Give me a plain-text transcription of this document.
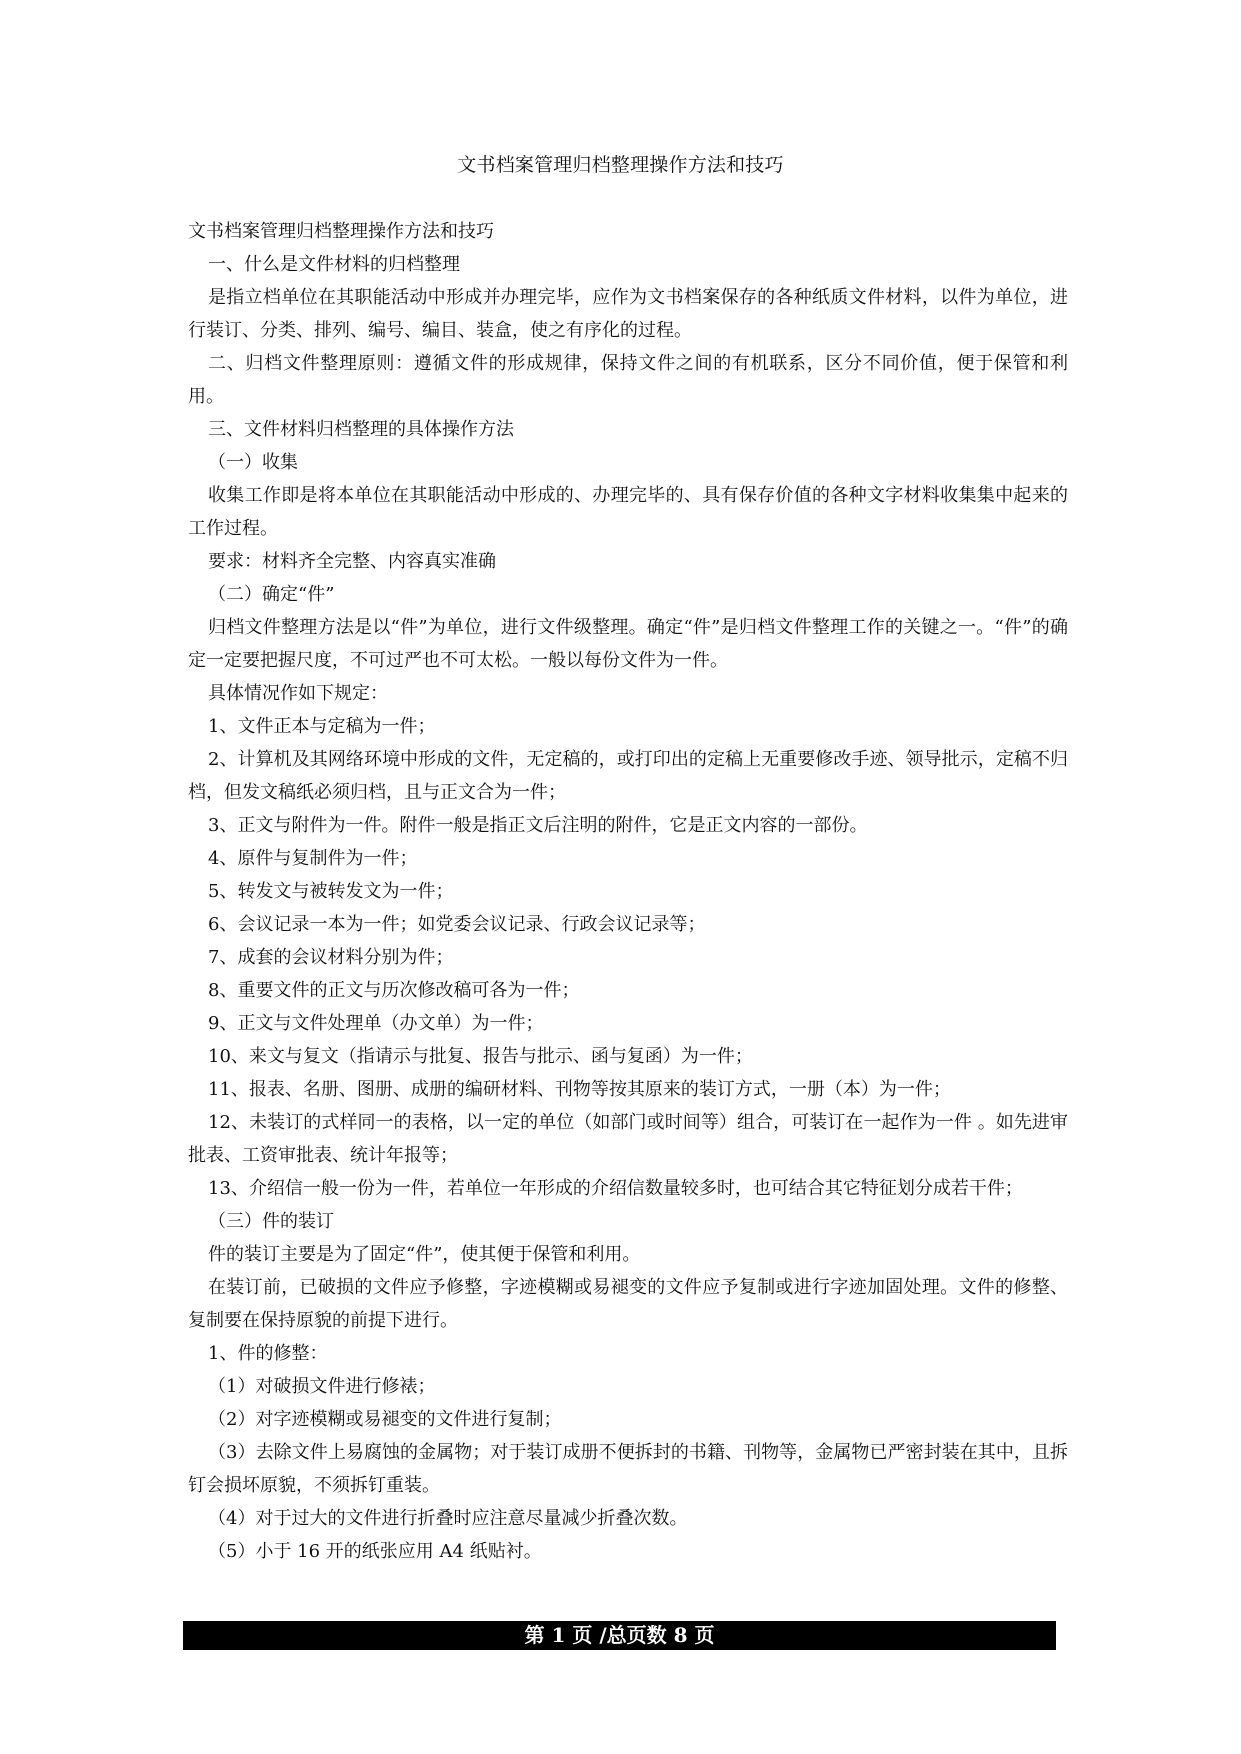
文书档案管理归档整理操作方法和技巧

文书档案管理归档整理操作方法和技巧

一、什么是文件材料的归档整理

是指立档单位在其职能活动中形成并办理完毕，应作为文书档案保存的各种纸质文件材料，以件为单位，进行装订、分类、排列、编号、编目、装盒，使之有序化的过程。

二、归档文件整理原则：遵循文件的形成规律，保持文件之间的有机联系，区分不同价值，便于保管和利用。

三、文件材料归档整理的具体操作方法

（一）收集

收集工作即是将本单位在其职能活动中形成的、办理完毕的、具有保存价值的各种文字材料收集集中起来的工作过程。

要求：材料齐全完整、内容真实准确

（二）确定“件”

归档文件整理方法是以“件”为单位，进行文件级整理。确定“件”是归档文件整理工作的关键之一。“件”的确定一定要把握尺度，不可过严也不可太松。一般以每份文件为一件。

具体情况作如下规定：

1、文件正本与定稿为一件；

2、计算机及其网络环境中形成的文件，无定稿的，或打印出的定稿上无重要修改手迹、领导批示，定稿不归档，但发文稿纸必须归档，且与正文合为一件；

3、正文与附件为一件。附件一般是指正文后注明的附件，它是正文内容的一部份。

4、原件与复制件为一件；

5、转发文与被转发文为一件；

6、会议记录一本为一件；如党委会议记录、行政会议记录等；

7、成套的会议材料分别为件；

8、重要文件的正文与历次修改稿可各为一件；

9、正文与文件处理单（办文单）为一件；

10、来文与复文（指请示与批复、报告与批示、函与复函）为一件；

11、报表、名册、图册、成册的编研材料、刊物等按其原来的装订方式，一册（本）为一件；

12、未装订的式样同一的表格，以一定的单位（如部门或时间等）组合，可装订在一起作为一件 。如先进审批表、工资审批表、统计年报等；

13、介绍信一般一份为一件，若单位一年形成的介绍信数量较多时，也可结合其它特征划分成若干件；

（三）件的装订

件的装订主要是为了固定“件”，使其便于保管和利用。

在装订前，已破损的文件应予修整，字迹模糊或易褪变的文件应予复制或进行字迹加固处理。文件的修整、复制要在保持原貌的前提下进行。

1、件的修整：

（1）对破损文件进行修裱；

（2）对字迹模糊或易褪变的文件进行复制；

（3）去除文件上易腐蚀的金属物；对于装订成册不便拆封的书籍、刊物等，金属物已严密封装在其中，且拆钉会损坏原貌，不须拆钉重装。

（4）对于过大的文件进行折叠时应注意尽量减少折叠次数。

（5）小于 16 开的纸张应用 A4 纸贴衬。

第 1 页 /总页数 8 页
